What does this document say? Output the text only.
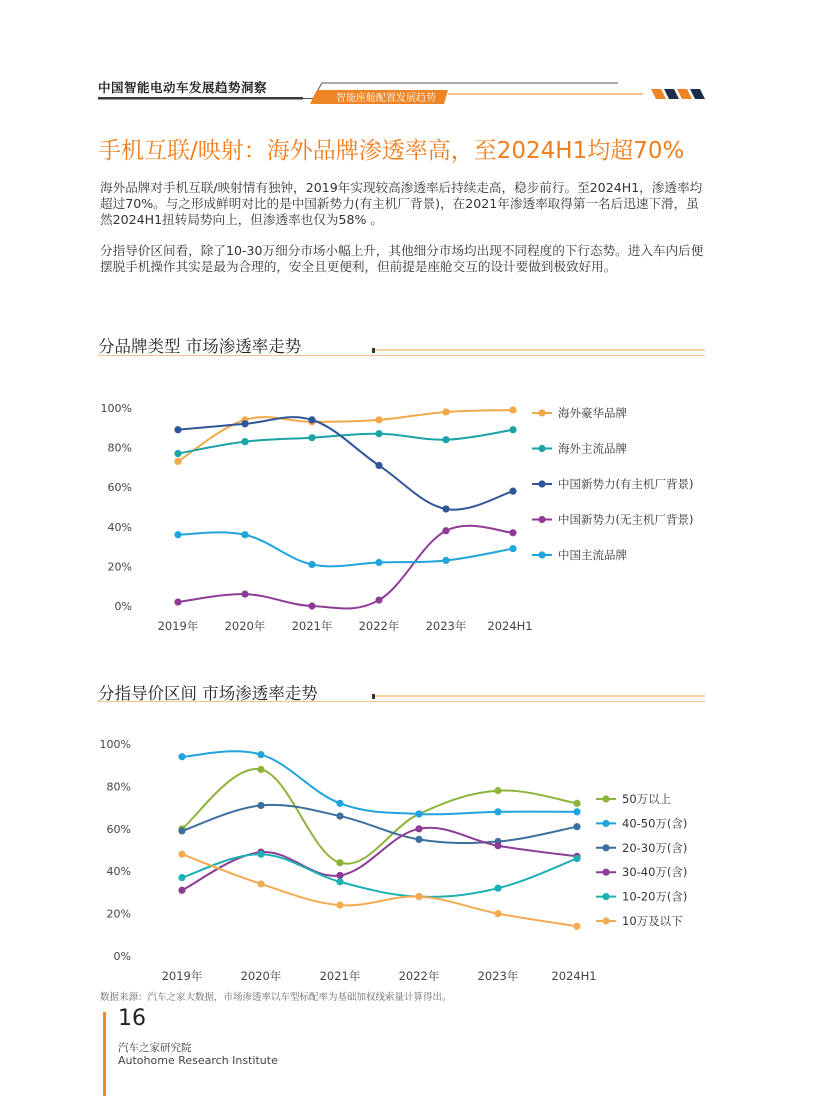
中国智能电动车发展趋势洞察
智能座舱配置发展趋势
手机互联/映射：海外品牌渗透率高，至2024H1均超70%
海外品牌对手机互联/映射情有独钟，2019年实现较高渗透率后持续走高，稳步前行。至2024H1，渗透率均超过70%。与之形成鲜明对比的是中国新势力(有主机厂背景)，在2021年渗透率取得第一名后迅速下滑，虽然2024H1扭转局势向上，但渗透率也仅为58% 。
分指导价区间看，除了10-30万细分市场小幅上升，其他细分市场均出现不同程度的下行态势。进入车内后便摆脱手机操作其实是最为合理的，安全且更便利，但前提是座舱交互的设计要做到极致好用。
分品牌类型 市场渗透率走势
0%
20%
40%
60%
80%
100%
2019年 2020年 2021年 2022年 2023年 2024H1
海外豪华品牌
海外主流品牌
中国新势力(有主机厂背景)
中国新势力(无主机厂背景)
中国主流品牌
分指导价区间 市场渗透率走势
0%
20%
40%
60%
80%
100%
2019年	2020年	2021年	2022年	2023年	2024H1
50万以上
40-50万(含)
20-30万(含)
30-40万(含)
10-20万(含)
10万及以下
数据来源：汽车之家大数据，市场渗透率以车型标配率为基础加权线索量计算得出。
16
汽车之家研究院
Autohome Research Institute
